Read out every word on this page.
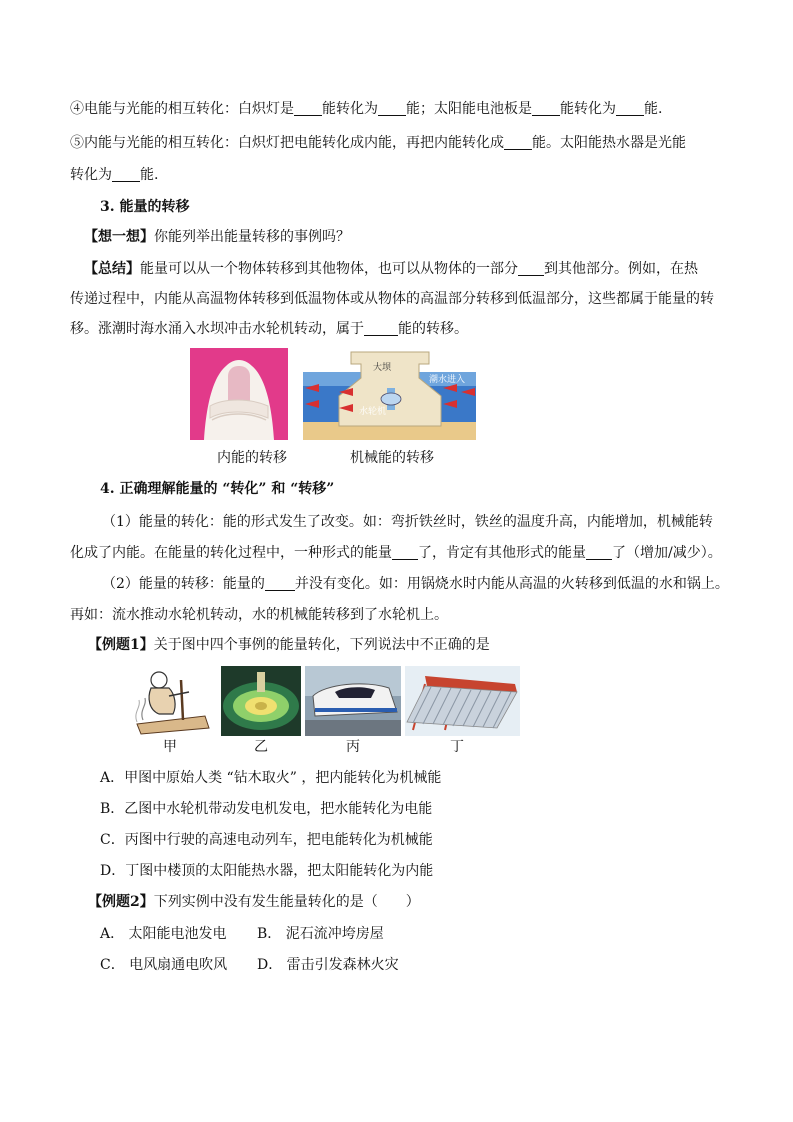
④电能与光能的相互转化：白炽灯是 能转化为 能；太阳能电池板是 能转化为 能.
⑤内能与光能的相互转化：白炽灯把电能转化成内能，再把内能转化成 能。太阳能热水器是光能
转化为 能.
3. 能量的转移
【想一想】你能列举出能量转移的事例吗？
【总结】能量可以从一个物体转移到其他物体，也可以从物体的一部分 到其他部分。例如，在热
传递过程中，内能从高温物体转移到低温物体或从物体的高温部分转移到低温部分，这些都属于能量的转
移。涨潮时海水涌入水坝冲击水轮机转动，属于 能的转移。
大坝
潮水进入
水轮机
内能的转移	机械能的转移
4. 正确理解能量的 “转化” 和 “转移”
（1）能量的转化：能的形式发生了改变。如：弯折铁丝时，铁丝的温度升高，内能增加，机械能转
化成了内能。在能量的转化过程中，一种形式的能量 了，肯定有其他形式的能量 了（增加/减少）。
（2）能量的转移：能量的 并没有变化。如：用锅烧水时内能从高温的火转移到低温的水和锅上。
再如：流水推动水轮机转动，水的机械能转移到了水轮机上。
【例题1】关于图中四个事例的能量转化，下列说法中不正确的是
甲	乙	丙	丁
A．甲图中原始人类 “钻木取火” ，把内能转化为机械能
B．乙图中水轮机带动发电机发电，把水能转化为电能
C．丙图中行驶的高速电动列车，把电能转化为机械能
D．丁图中楼顶的太阳能热水器，把太阳能转化为内能
【例题2】下列实例中没有发生能量转化的是（　　）
A． 太阳能电池发电 B． 泥石流冲垮房屋
C． 电风扇通电吹风 D． 雷击引发森林火灾
